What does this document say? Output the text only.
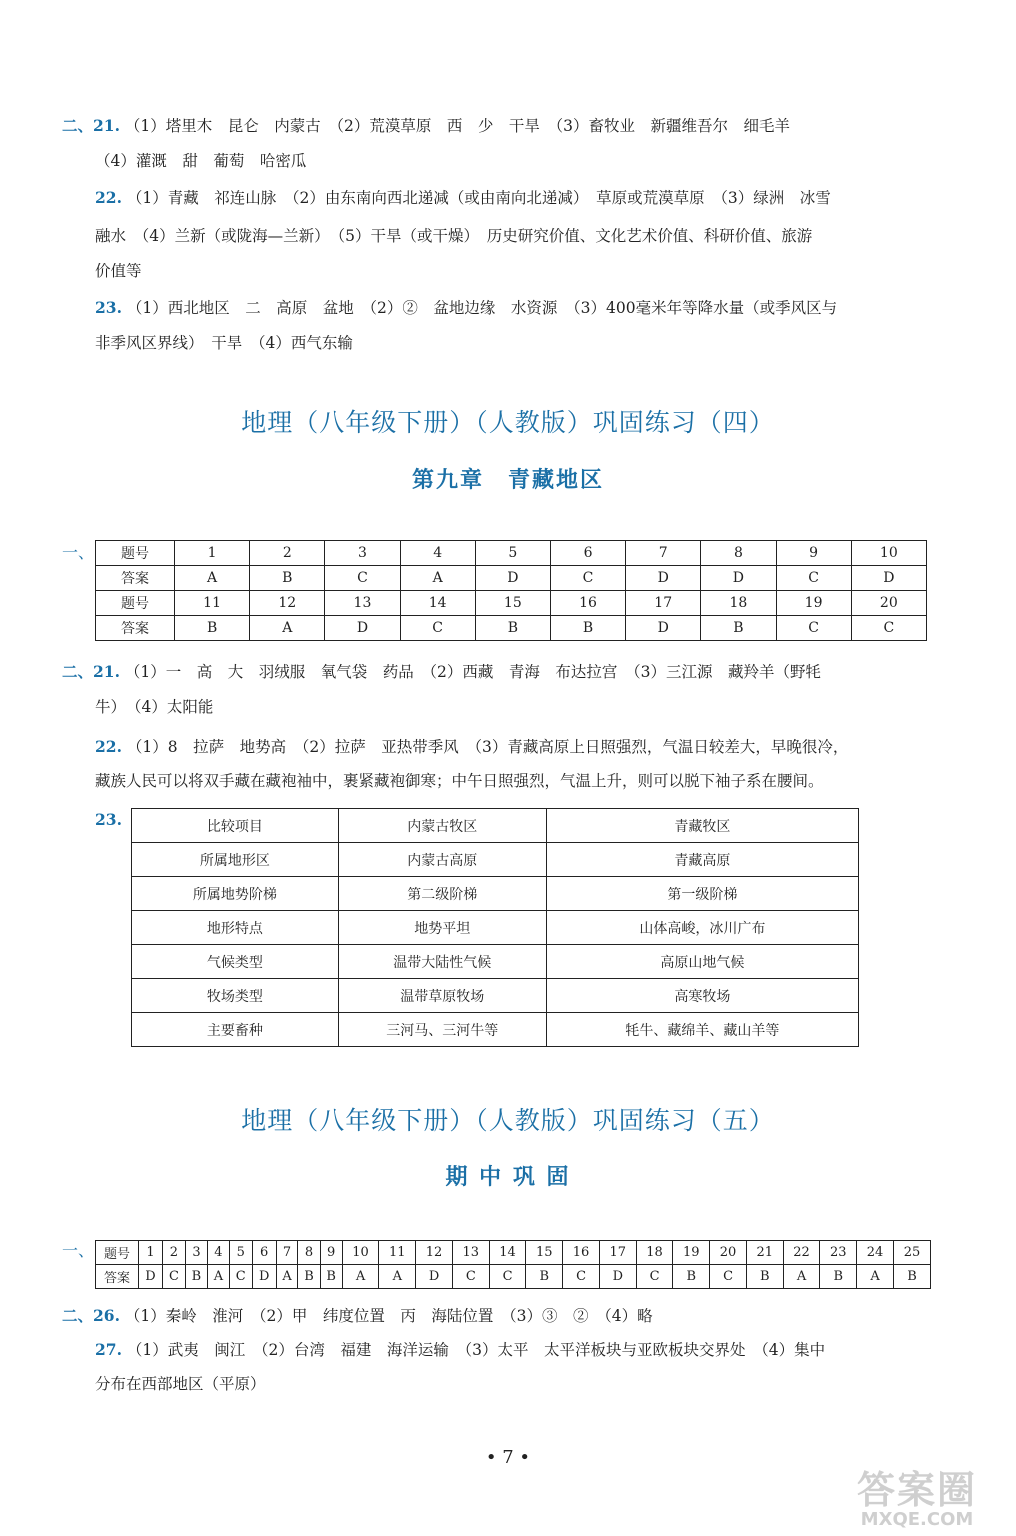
二、21. （1）塔里木　昆仑　内蒙古　（2）荒漠草原　西　少　干旱　（3）畜牧业　新疆维吾尔　细毛羊
（4）灌溉　甜　葡萄　哈密瓜
22. （1）青藏　祁连山脉　（2）由东南向西北递减（或由南向北递减）　草原或荒漠草原　（3）绿洲　冰雪
融水　（4）兰新（或陇海—兰新）　（5）干旱（或干燥）　历史研究价值、文化艺术价值、科研价值、旅游
价值等
23. （1）西北地区　二　高原　盆地　（2）②　盆地边缘　水资源　（3）400毫米年等降水量（或季风区与
非季风区界线）　干旱　（4）西气东输
地理（八年级下册）（人教版）巩固练习（四）
第九章　青藏地区
一、 题号	1	2	3	4	5	6	7	8	9	10
答案	A	B	C	A	D	C	D	D	C	D
题号	11	12	13	14	15	16	17	18	19	20
答案	B	A	D	C	B	B	D	B	C	C
二、21. （1）一　高　大　羽绒服　氧气袋　药品　（2）西藏　青海　布达拉宫　（3）三江源　藏羚羊（野牦
牛）　（4）太阳能
22. （1）8　拉萨　地势高　（2）拉萨　亚热带季风　（3）青藏高原上日照强烈，气温日较差大，早晚很冷，
藏族人民可以将双手藏在藏袍袖中，裹紧藏袍御寒；中午日照强烈，气温上升，则可以脱下袖子系在腰间。
23.	比较项目	内蒙古牧区	青藏牧区
所属地形区	内蒙古高原	青藏高原
所属地势阶梯	第二级阶梯	第一级阶梯
地形特点	地势平坦	山体高峻，冰川广布
气候类型	温带大陆性气候	高原山地气候
牧场类型	温带草原牧场	高寒牧场
主要畜种	三河马、三河牛等	牦牛、藏绵羊、藏山羊等
地理（八年级下册）（人教版）巩固练习（五）
期 中 巩 固
一、 题号	1	2	3	4	5	6	7	8	9	10	11	12	13	14	15	16	17	18	19	20	21	22	23	24	25
答案	D	C	B	A	C	D	A	B	B	A	A	D	C	C	B	C	D	C	B	C	B	A	B	A	B
二、26. （1）秦岭　淮河　（2）甲　纬度位置　丙　海陆位置　（3）③　②　（4）略
27. （1）武夷　闽江　（2）台湾　福建　海洋运输　（3）太平　太平洋板块与亚欧板块交界处　（4）集中
分布在西部地区（平原）
• 7 •
答案圈
MXQE.COM
